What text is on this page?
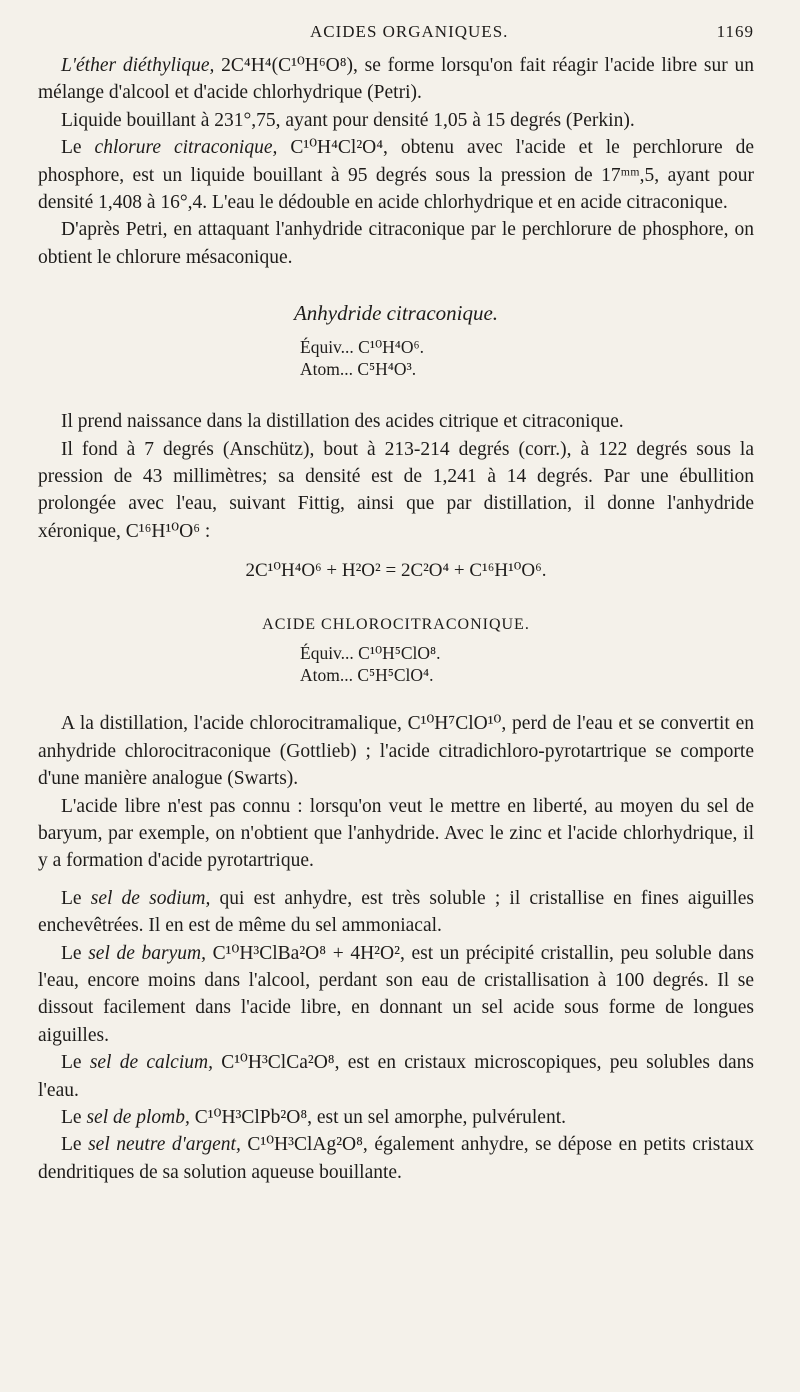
ACIDES ORGANIQUES.	1169

L'éther diéthylique, 2C⁴H⁴(C¹⁰H⁶O⁸), se forme lorsqu'on fait réagir l'acide libre sur un mélange d'alcool et d'acide chlorhydrique (Petri).

Liquide bouillant à 231°,75, ayant pour densité 1,05 à 15 degrés (Perkin).

Le chlorure citraconique, C¹⁰H⁴Cl²O⁴, obtenu avec l'acide et le perchlorure de phosphore, est un liquide bouillant à 95 degrés sous la pression de 17ᵐᵐ,5, ayant pour densité 1,408 à 16°,4. L'eau le dédouble en acide chlorhydrique et en acide citraconique.

D'après Petri, en attaquant l'anhydride citraconique par le perchlorure de phosphore, on obtient le chlorure mésaconique.

Anhydride citraconique.
Équiv... C¹⁰H⁴O⁶.
Atom... C⁵H⁴O³.

Il prend naissance dans la distillation des acides citrique et citraconique.

Il fond à 7 degrés (Anschütz), bout à 213-214 degrés (corr.), à 122 degrés sous la pression de 43 millimètres; sa densité est de 1,241 à 14 degrés. Par une ébullition prolongée avec l'eau, suivant Fittig, ainsi que par distillation, il donne l'anhydride xéronique, C¹⁶H¹⁰O⁶ :

2C¹⁰H⁴O⁶ + H²O² = 2C²O⁴ + C¹⁶H¹⁰O⁶.
ACIDE CHLOROCITRACONIQUE.
Équiv... C¹⁰H⁵ClO⁸.
Atom... C⁵H⁵ClO⁴.

A la distillation, l'acide chlorocitramalique, C¹⁰H⁷ClO¹⁰, perd de l'eau et se convertit en anhydride chlorocitraconique (Gottlieb) ; l'acide citradichloro-pyrotartrique se comporte d'une manière analogue (Swarts).

L'acide libre n'est pas connu : lorsqu'on veut le mettre en liberté, au moyen du sel de baryum, par exemple, on n'obtient que l'anhydride. Avec le zinc et l'acide chlorhydrique, il y a formation d'acide pyrotartrique.

Le sel de sodium, qui est anhydre, est très soluble ; il cristallise en fines aiguilles enchevêtrées. Il en est de même du sel ammoniacal.

Le sel de baryum, C¹⁰H³ClBa²O⁸ + 4H²O², est un précipité cristallin, peu soluble dans l'eau, encore moins dans l'alcool, perdant son eau de cristallisation à 100 degrés. Il se dissout facilement dans l'acide libre, en donnant un sel acide sous forme de longues aiguilles.

Le sel de calcium, C¹⁰H³ClCa²O⁸, est en cristaux microscopiques, peu solubles dans l'eau.

Le sel de plomb, C¹⁰H³ClPb²O⁸, est un sel amorphe, pulvérulent.

Le sel neutre d'argent, C¹⁰H³ClAg²O⁸, également anhydre, se dépose en petits cristaux dendritiques de sa solution aqueuse bouillante.
